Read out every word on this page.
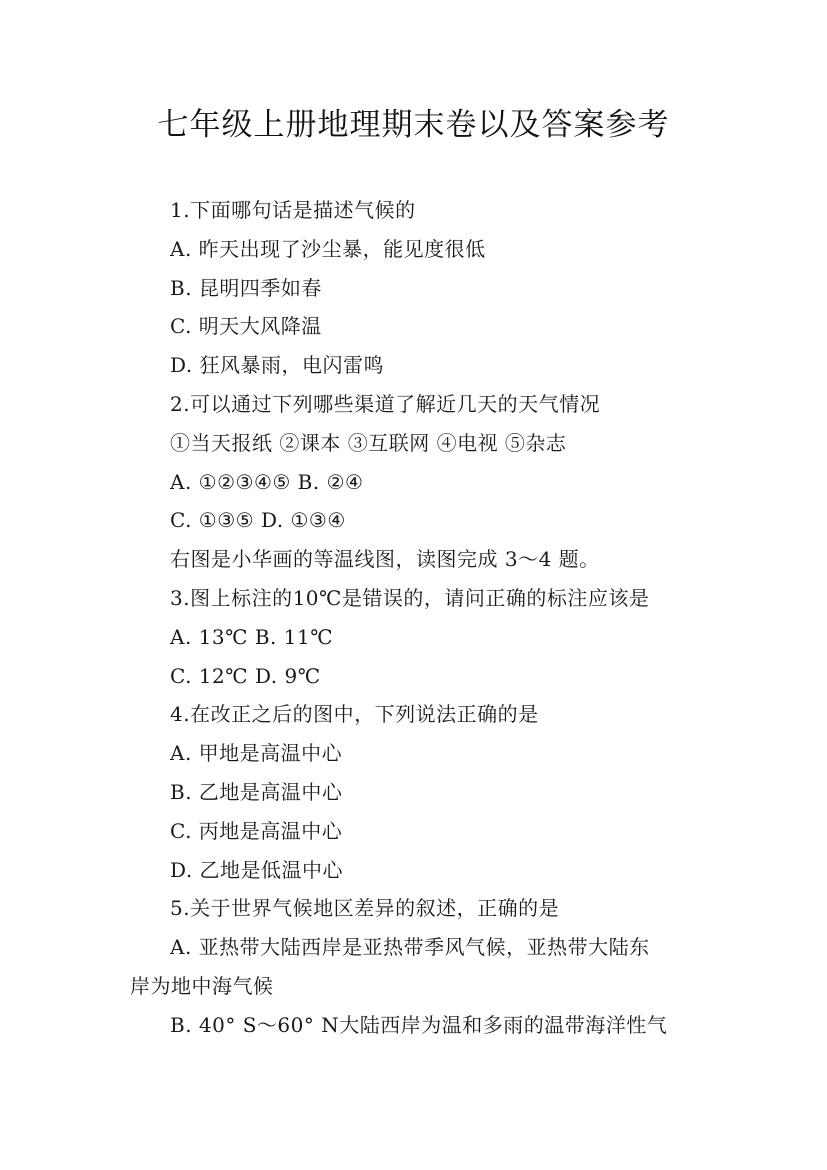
七年级上册地理期末卷以及答案参考
1.下面哪句话是描述气候的
A. 昨天出现了沙尘暴，能见度很低
B. 昆明四季如春
C. 明天大风降温
D. 狂风暴雨，电闪雷鸣
2.可以通过下列哪些渠道了解近几天的天气情况
①当天报纸 ②课本 ③互联网 ④电视 ⑤杂志
A. ①②③④⑤ B. ②④
C. ①③⑤ D. ①③④
右图是小华画的等温线图，读图完成 3～4 题。
3.图上标注的10℃是错误的，请问正确的标注应该是
A. 13℃ B. 11℃
C. 12℃ D. 9℃
4.在改正之后的图中，下列说法正确的是
A. 甲地是高温中心
B. 乙地是高温中心
C. 丙地是高温中心
D. 乙地是低温中心
5.关于世界气候地区差异的叙述，正确的是
A. 亚热带大陆西岸是亚热带季风气候，亚热带大陆东
岸为地中海气候
B. 40° S～60° N大陆西岸为温和多雨的温带海洋性气
